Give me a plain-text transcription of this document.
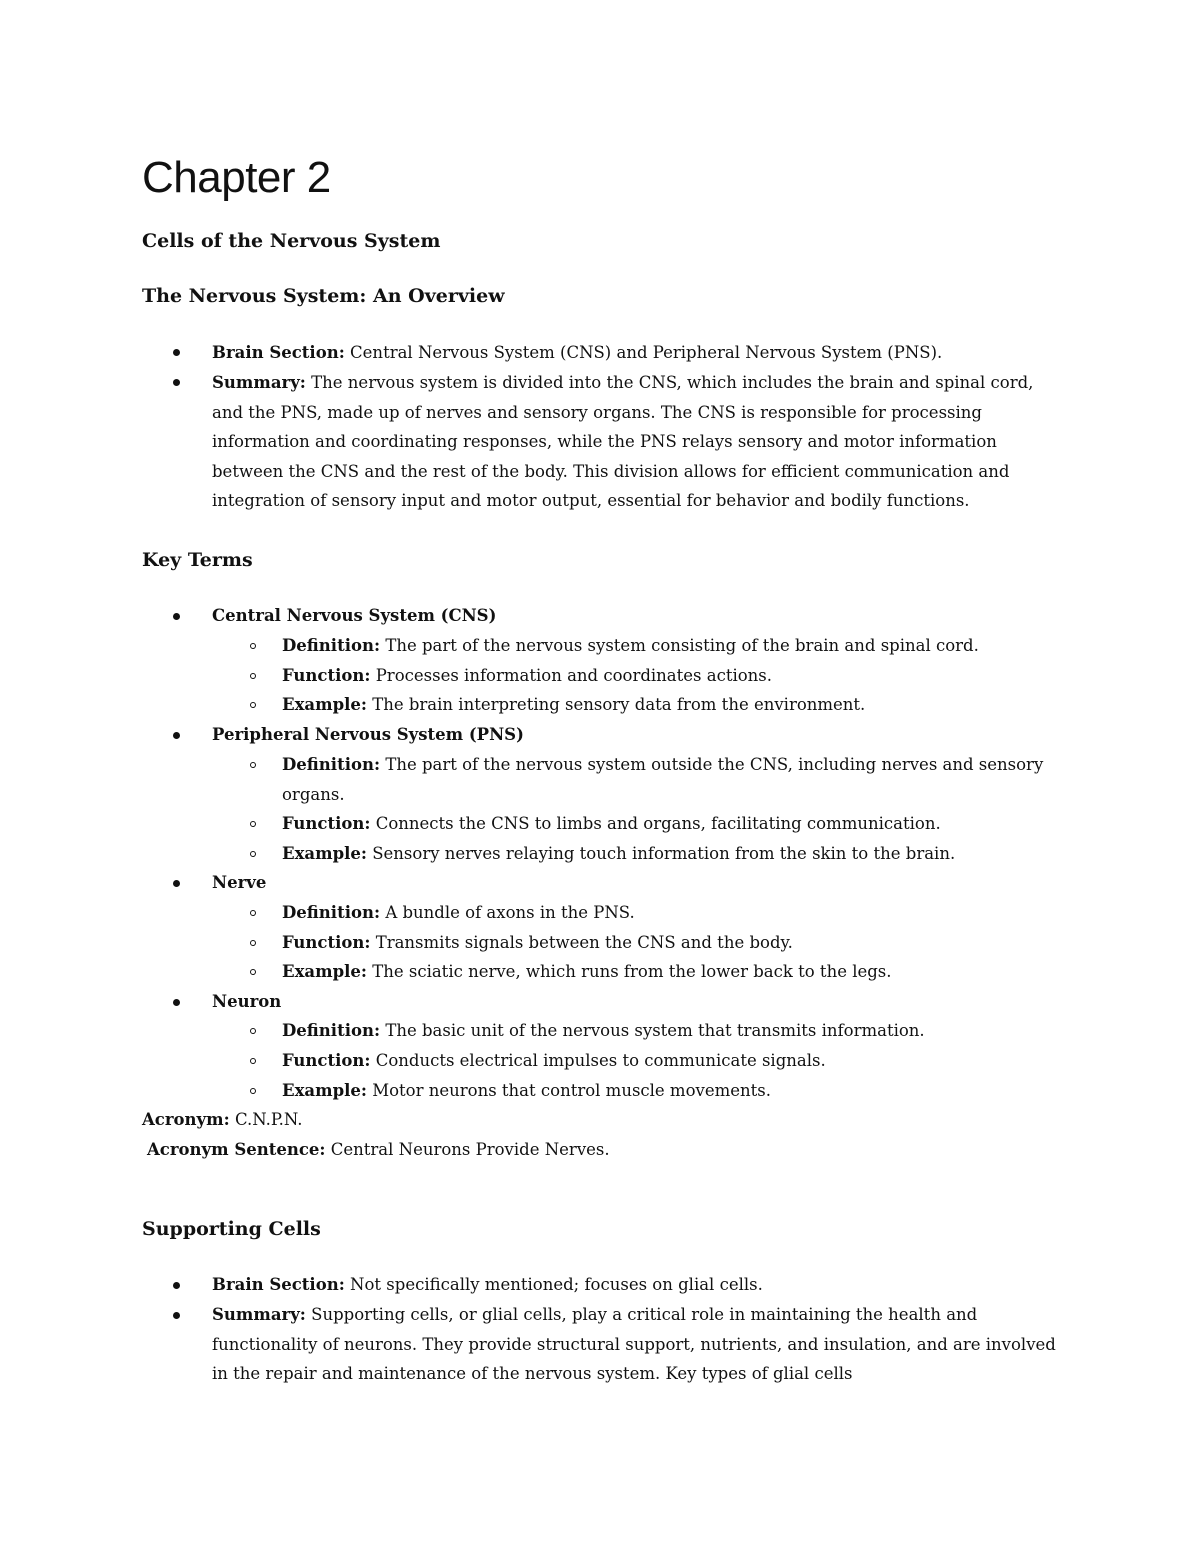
Chapter 2
Cells of the Nervous System
The Nervous System: An Overview

Brain Section: Central Nervous System (CNS) and Peripheral Nervous System (PNS).

Summary: The nervous system is divided into the CNS, which includes the brain and spinal cord, and the PNS, made up of nerves and sensory organs. The CNS is responsible for processing information and coordinating responses, while the PNS relays sensory and motor information between the CNS and the rest of the body. This division allows for efficient communication and integration of sensory input and motor output, essential for behavior and bodily functions.

Key Terms

Central Nervous System (CNS)

Definition: The part of the nervous system consisting of the brain and spinal cord.

Function: Processes information and coordinates actions.

Example: The brain interpreting sensory data from the environment.

Peripheral Nervous System (PNS)

Definition: The part of the nervous system outside the CNS, including nerves and sensory organs.

Function: Connects the CNS to limbs and organs, facilitating communication.

Example: Sensory nerves relaying touch information from the skin to the brain.

Nerve

Definition: A bundle of axons in the PNS.

Function: Transmits signals between the CNS and the body.

Example: The sciatic nerve, which runs from the lower back to the legs.

Neuron

Definition: The basic unit of the nervous system that transmits information.

Function: Conducts electrical impulses to communicate signals.

Example: Motor neurons that control muscle movements.

Acronym: C.N.P.N.

Acronym Sentence: Central Neurons Provide Nerves.

Supporting Cells

Brain Section: Not specifically mentioned; focuses on glial cells.

Summary: Supporting cells, or glial cells, play a critical role in maintaining the health and functionality of neurons. They provide structural support, nutrients, and insulation, and are involved in the repair and maintenance of the nervous system. Key types of glial cells
